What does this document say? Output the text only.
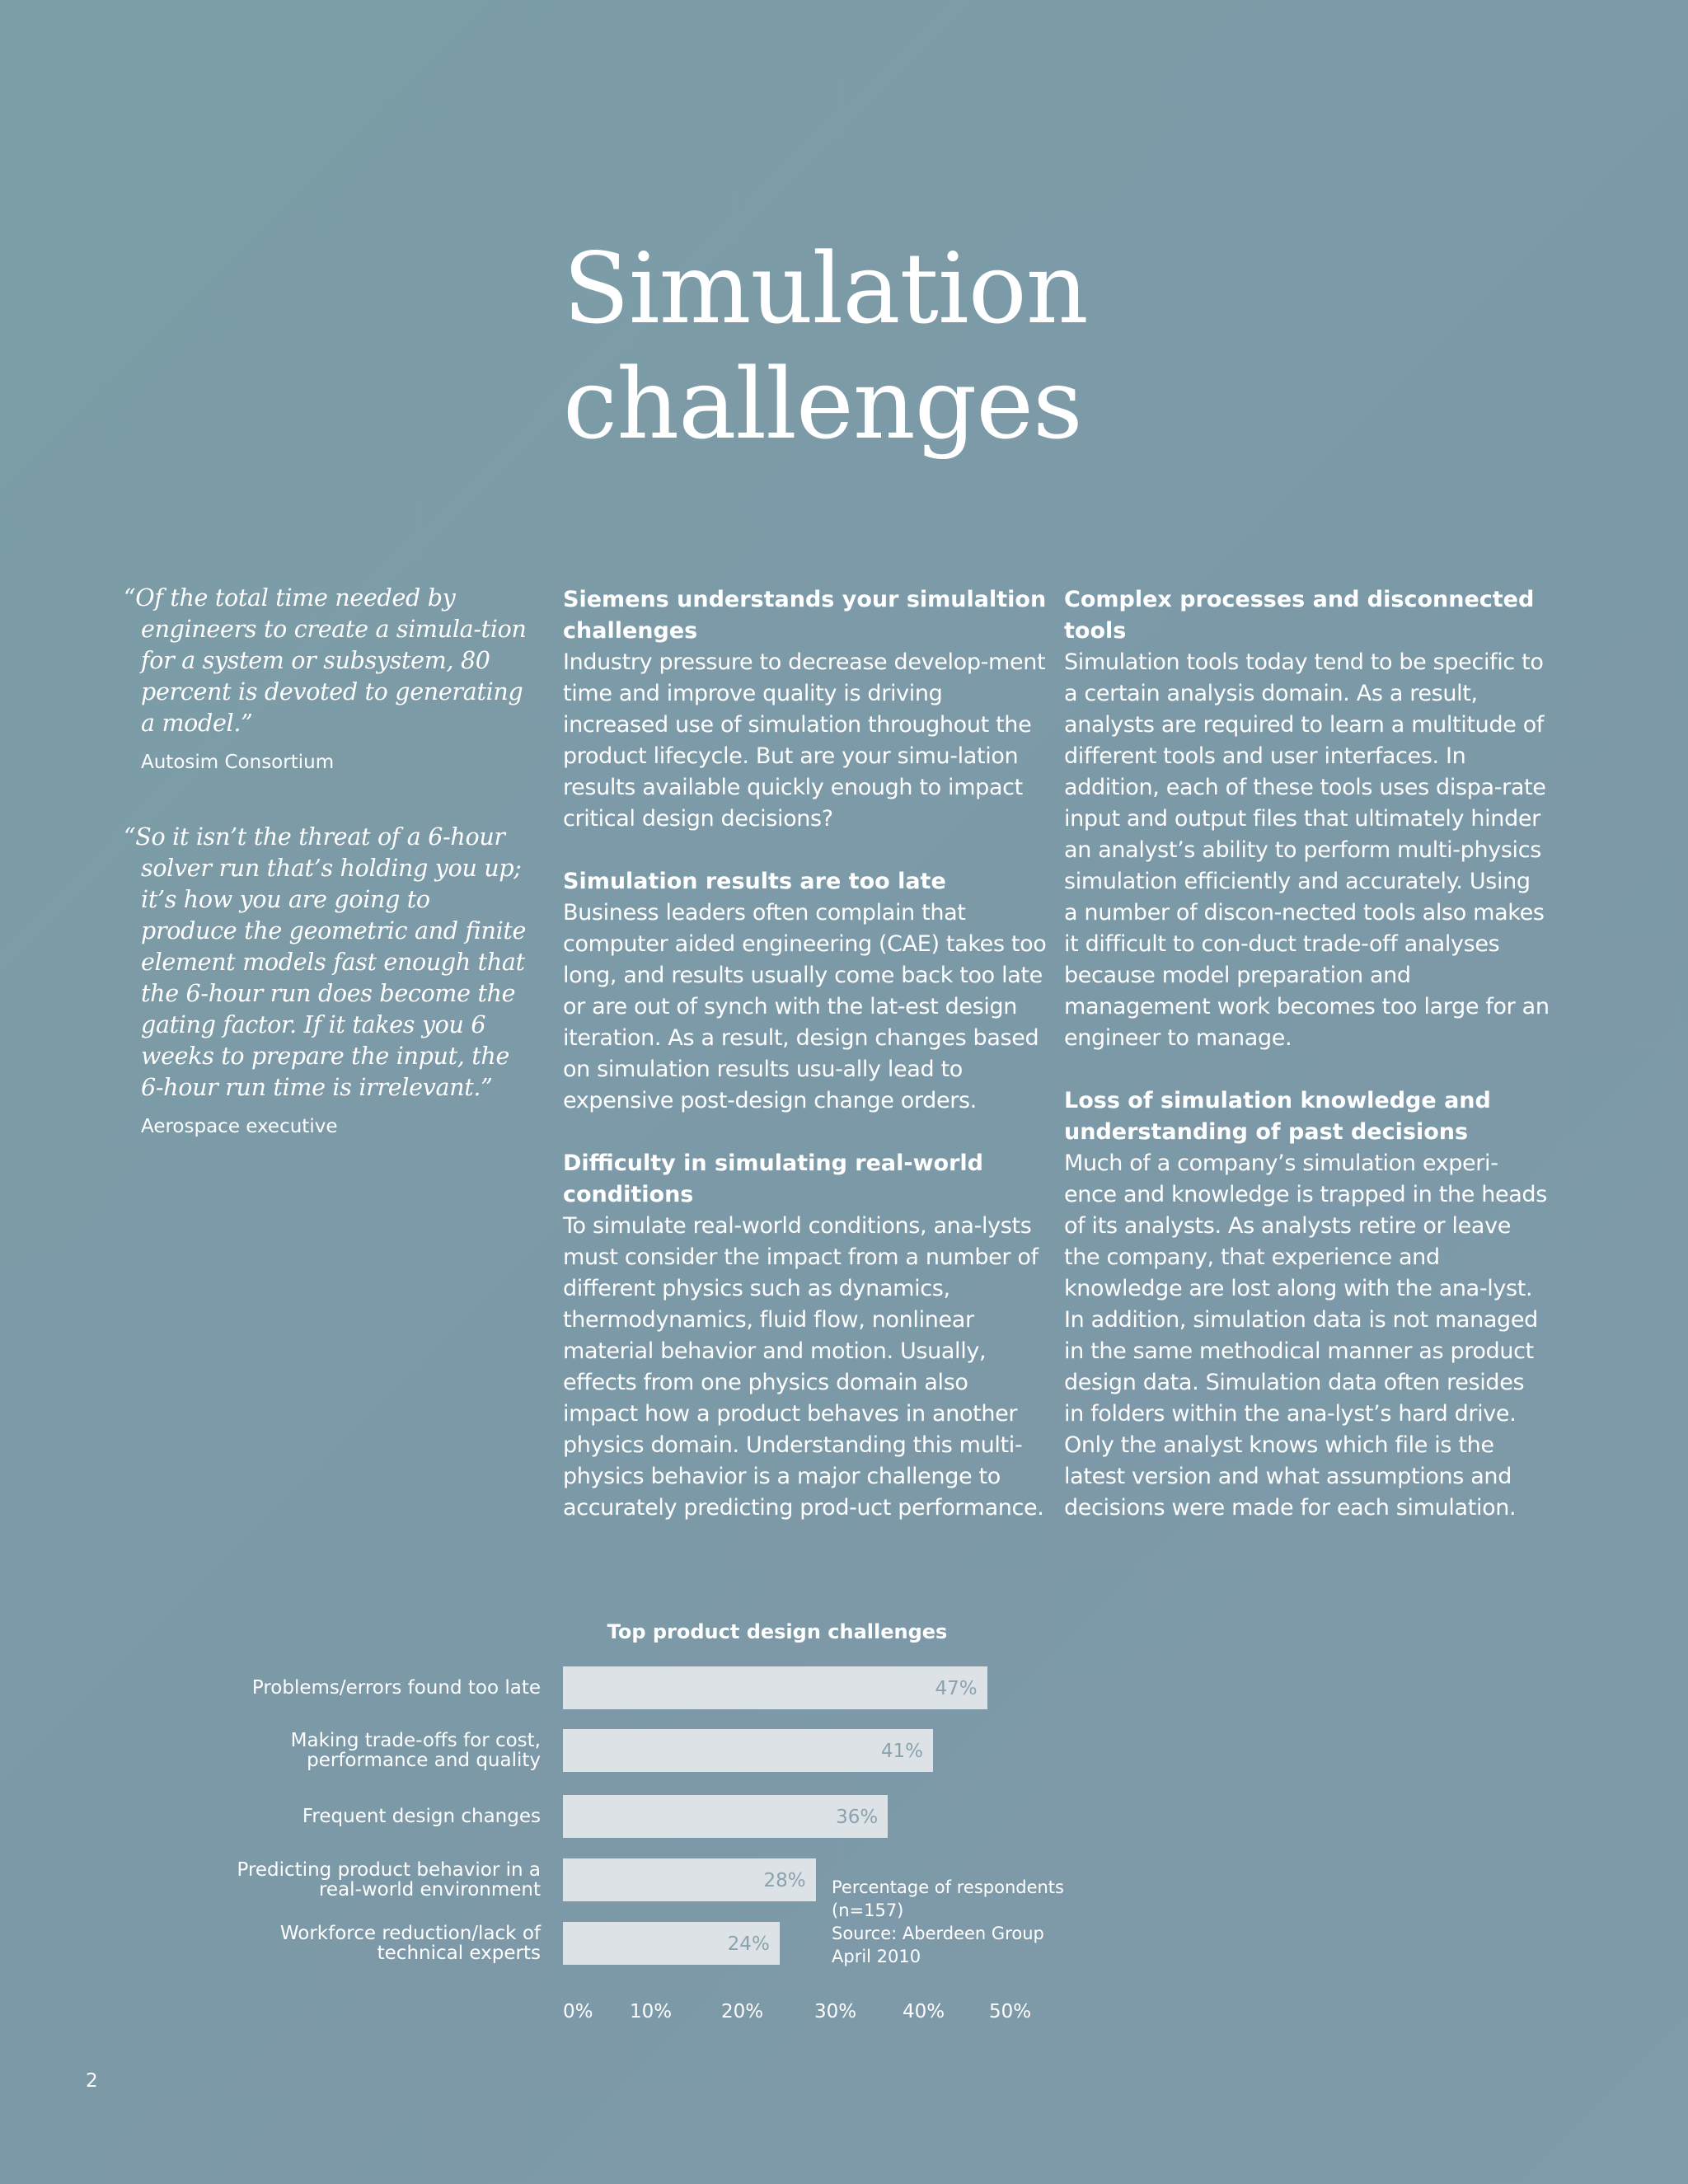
Simulation
challenges

“Of the total time needed by engineers to create a simula-tion for a system or subsystem, 80 percent is devoted to generating a model.”

Autosim Consortium

“So it isn’t the threat of a 6-hour solver run that’s holding you up; it’s how you are going to produce the geometric and finite element models fast enough that the 6-hour run does become the gating factor. If it takes you 6 weeks to prepare the input, the 6-hour run time is irrelevant.”

Aerospace executive
Siemens understands your simulaltion challenges

Industry pressure to decrease develop-ment time and improve quality is driving increased use of simulation throughout the product lifecycle. But are your simu-lation results available quickly enough to impact critical design decisions?

Simulation results are too late

Business leaders often complain that computer aided engineering (CAE) takes too long, and results usually come back too late or are out of synch with the lat-est design iteration. As a result, design changes based on simulation results usu-ally lead to expensive post-design change orders.

Difficulty in simulating real-world conditions

To simulate real-world conditions, ana-lysts must consider the impact from a number of different physics such as dynamics, thermodynamics, fluid flow, nonlinear material behavior and motion. Usually, effects from one physics domain also impact how a product behaves in another physics domain. Understanding this multi-physics behavior is a major challenge to accurately predicting prod-uct performance.

Complex processes and disconnected tools

Simulation tools today tend to be specific to a certain analysis domain. As a result, analysts are required to learn a multitude of different tools and user interfaces. In addition, each of these tools uses dispa-rate input and output files that ultimately hinder an analyst’s ability to perform multi-physics simulation efficiently and accurately. Using a number of discon-nected tools also makes it difficult to con-duct trade-off analyses because model preparation and management work becomes too large for an engineer to manage.

Loss of simulation knowledge and understanding of past decisions

Much of a company’s simulation experi-ence and knowledge is trapped in the heads of its analysts. As analysts retire or leave the company, that experience and knowledge are lost along with the ana-lyst. In addition, simulation data is not managed in the same methodical manner as product design data. Simulation data often resides in folders within the ana-lyst’s hard drive. Only the analyst knows which file is the latest version and what assumptions and decisions were made for each simulation.

Top product design challenges
47%
Problems/errors found too late
41%
Making trade-offs for cost,
performance and quality
36%
Frequent design changes
28%
Predicting product behavior in a
real-world environment
24%
Workforce reduction/lack of
technical experts
0% 10%	20%	30% 40% 50%
Percentage of respondents
(n=157)
Source: Aberdeen Group
April 2010
2
